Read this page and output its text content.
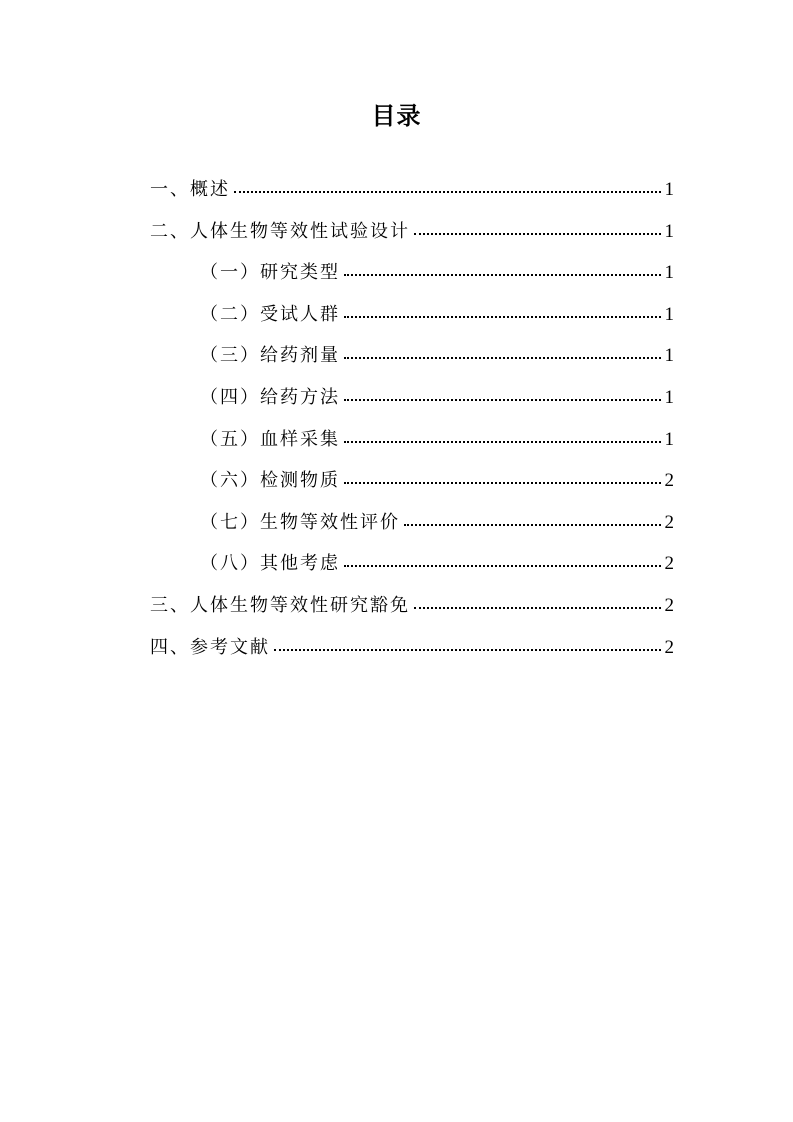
目录
一、概述	1
二、人体生物等效性试验设计	1
（一）研究类型	1
（二）受试人群	1
（三）给药剂量	1
（四）给药方法	1
（五）血样采集	1
（六）检测物质	2
（七）生物等效性评价	2
（八）其他考虑	2
三、人体生物等效性研究豁免	2
四、参考文献	2
